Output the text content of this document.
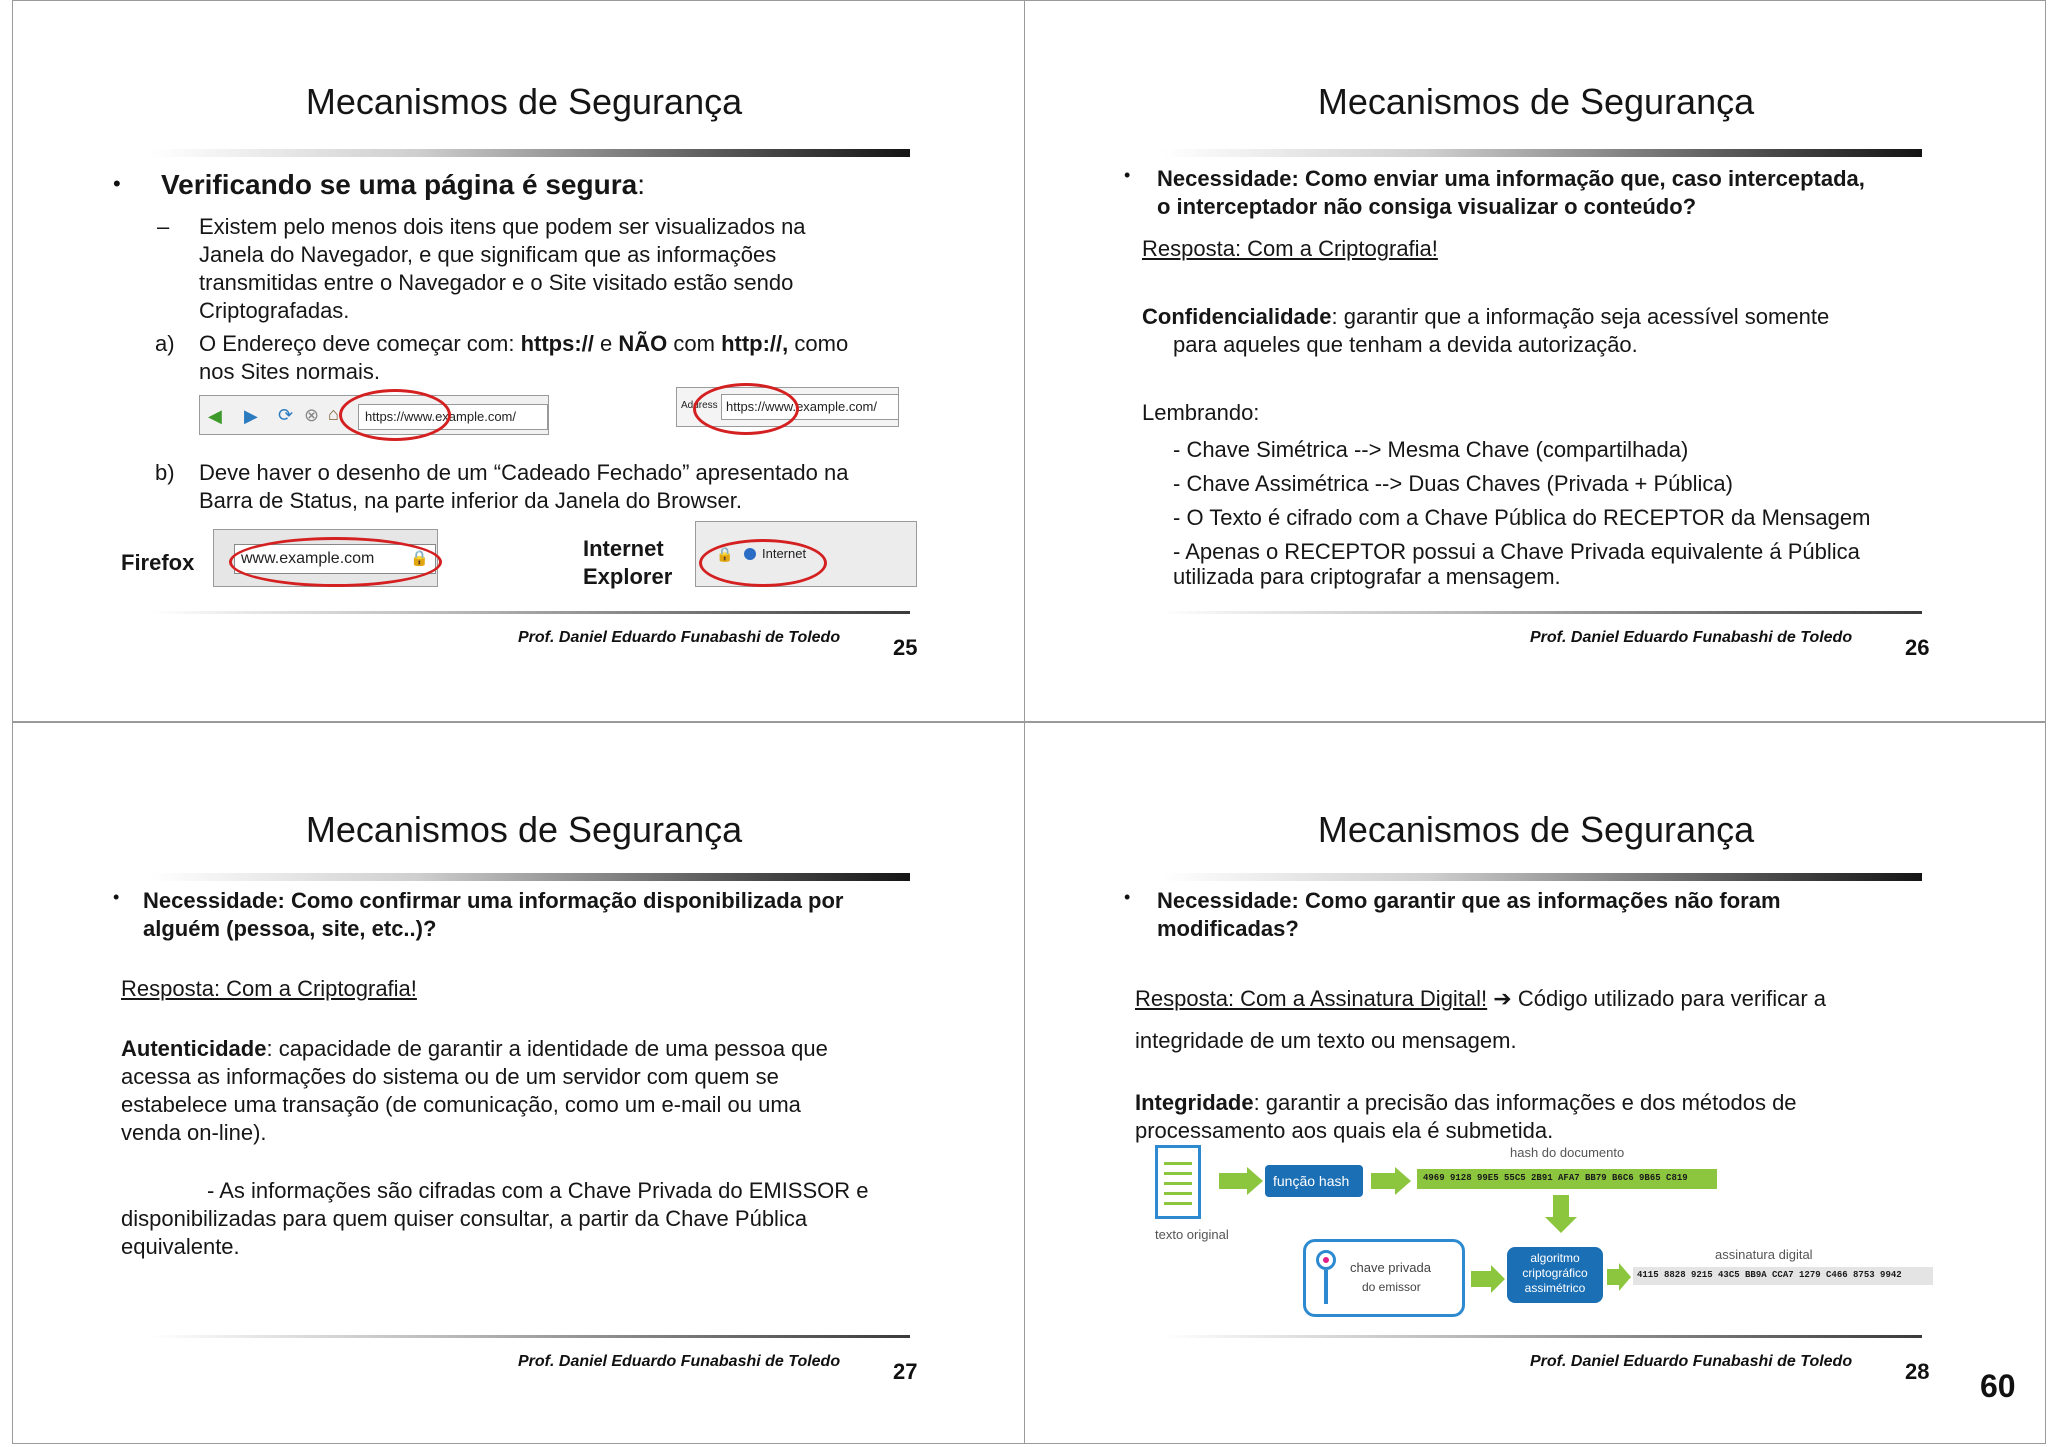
Mecanismos de Segurança
• Verificando se uma página é segura:
– Existem pelo menos dois itens que podem ser visualizados na
Janela do Navegador, e que significam que as informações
transmitidas entre o Navegador e o Site visitado estão sendo
Criptografadas.
a) O Endereço deve começar com: https:// e NÃO com http://, como
nos Sites normais.
◀ ▶ ⟳ ⊗ ⌂ https://www.example.com/
Address https://www.example.com/
b) Deve haver o desenho de um “Cadeado Fechado” apresentado na
Barra de Status, na parte inferior da Janela do Browser.
Firefox	www.example.com 🔒	Internet
Explorer
🔒 Internet
Prof. Daniel Eduardo Funabashi de Toledo 25
Mecanismos de Segurança
• Necessidade: Como enviar uma informação que, caso interceptada,
o interceptador não consiga visualizar o conteúdo?
Resposta: Com a Criptografia!
Confidencialidade: garantir que a informação seja acessível somente
para aqueles que tenham a devida autorização.
Lembrando:
- Chave Simétrica --> Mesma Chave (compartilhada)
- Chave Assimétrica --> Duas Chaves (Privada + Pública)
- O Texto é cifrado com a Chave Pública do RECEPTOR da Mensagem
- Apenas o RECEPTOR possui a Chave Privada equivalente á Pública
utilizada para criptografar a mensagem.
Prof. Daniel Eduardo Funabashi de Toledo 26
Mecanismos de Segurança
• Necessidade: Como confirmar uma informação disponibilizada por
alguém (pessoa, site, etc..)?
Resposta: Com a Criptografia!
Autenticidade: capacidade de garantir a identidade de uma pessoa que
acessa as informações do sistema ou de um servidor com quem se
estabelece uma transação (de comunicação, como um e-mail ou uma
venda on-line).
- As informações são cifradas com a Chave Privada do EMISSOR e
disponibilizadas para quem quiser consultar, a partir da Chave Pública
equivalente.
Prof. Daniel Eduardo Funabashi de Toledo 27
Mecanismos de Segurança
• Necessidade: Como garantir que as informações não foram
modificadas?
Resposta: Com a Assinatura Digital! ➔ Código utilizado para verificar a
integridade de um texto ou mensagem.
Integridade: garantir a precisão das informações e dos métodos de
processamento aos quais ela é submetida.
texto original
função hash
hash do documento
4969 9128 99E5 55C5 2B91 AFA7 BB79 B6C6 9B65 C819
chave privada
do emissor
algoritmo
criptográfico
assimétrico
assinatura digital
4115 8828 9215 43C5 BB9A CCA7 1279 C466 8753 9942
Prof. Daniel Eduardo Funabashi de Toledo 28 60
